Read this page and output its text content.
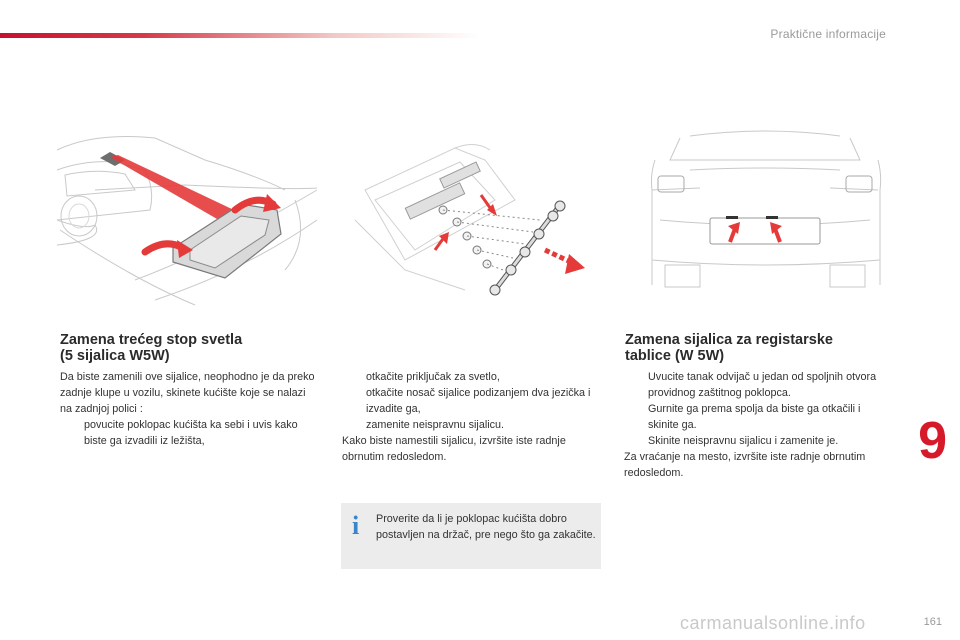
Praktične informacije
Zamena trećeg stop svetla
(5 sijalica W5W)

Da biste zamenili ove sijalice, neophodno je da preko zadnje klupe u vozilu, skinete kućište koje se nalazi na zadnjoj polici :

povucite poklopac kućišta ka sebi i uvis kako biste ga izvadili iz ležišta,

otkačite priključak za svetlo,

otkačite nosač sijalice podizanjem dva jezička i izvadite ga,

zamenite neispravnu sijalicu.

Kako biste namestili sijalicu, izvršite iste radnje obrnutim redosledom.

i Proverite da li je poklopac kućišta dobro postavljen na držač, pre nego što ga zakačite.
Zamena sijalica za registarske
tablice (W 5W)

Uvucite tanak odvijač u jedan od spoljnih otvora providnog zaštitnog poklopca.

Gurnite ga prema spolja da biste ga otkačili i skinite ga.

Skinite neispravnu sijalicu i zamenite je.

Za vraćanje na mesto, izvršite iste radnje obrnutim redosledom.

9
carmanualsonline.info	161
